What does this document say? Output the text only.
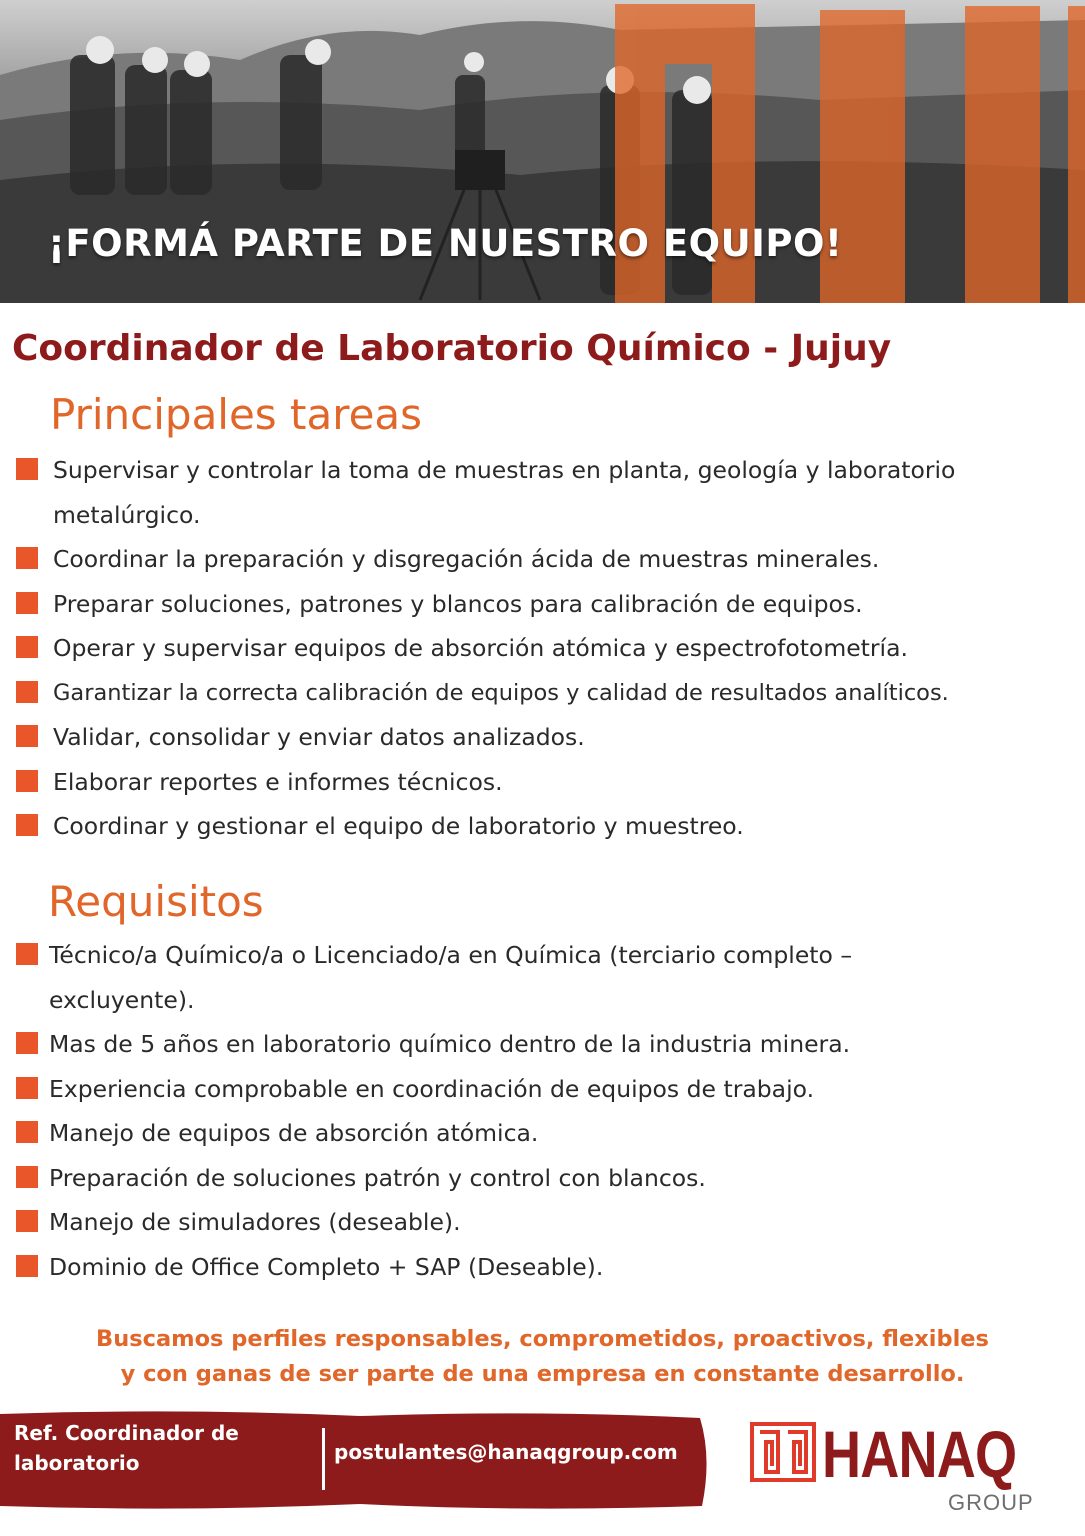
¡FORMÁ PARTE DE NUESTRO EQUIPO!
Coordinador de Laboratorio Químico - Jujuy
Principales tareas
Supervisar y controlar la toma de muestras en planta, geología y laboratorio metalúrgico.
Coordinar la preparación y disgregación ácida de muestras minerales.
Preparar soluciones, patrones y blancos para calibración de equipos.
Operar y supervisar equipos de absorción atómica y espectrofotometría.
Garantizar la correcta calibración de equipos y calidad de resultados analíticos.
Validar, consolidar y enviar datos analizados.
Elaborar reportes e informes técnicos.
Coordinar y gestionar el equipo de laboratorio y muestreo.
Requisitos
Técnico/a Químico/a o Licenciado/a en Química (terciario completo – excluyente).
Mas de 5 años en laboratorio químico dentro de la industria minera.
Experiencia comprobable en coordinación de equipos de trabajo.
Manejo de equipos de absorción atómica.
Preparación de soluciones patrón y control con blancos.
Manejo de simuladores (deseable).
Dominio de Office Completo + SAP (Deseable).
Buscamos perfiles responsables, comprometidos, proactivos, flexibles
y con ganas de ser parte de una empresa en constante desarrollo.
Ref. Coordinador de
laboratorio	postulantes@hanaqgroup.com HANAQ
GROUP
